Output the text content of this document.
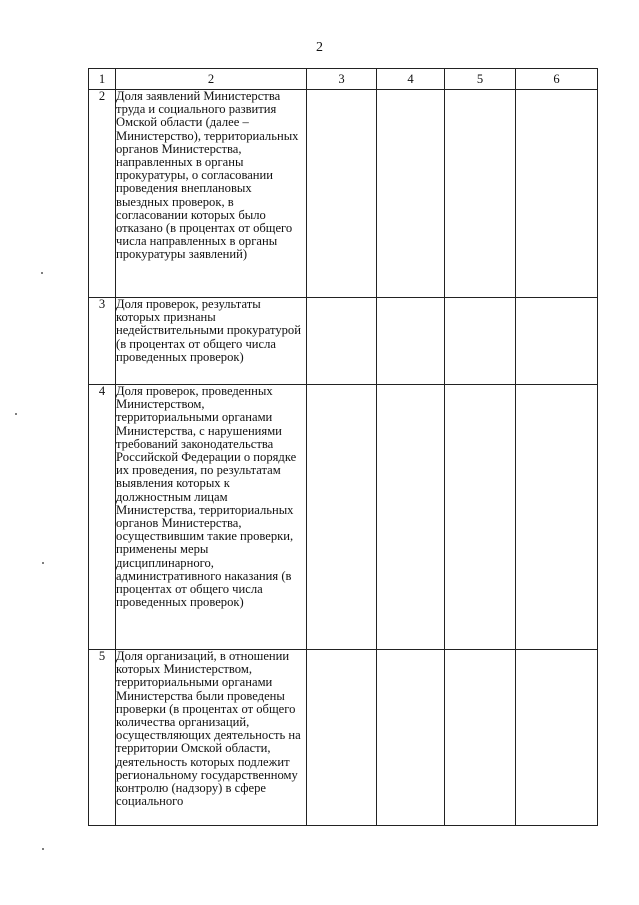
2
1	2	3	4	5	6
2	Доля заявлений Министерства труда и социального развития Омской области (далее – Министерство), территориальных органов Министерства, направленных в органы прокуратуры, о согласовании проведения внеплановых выездных проверок, в согласовании которых было отказано (в процентах от общего числа направленных в органы прокуратуры заявлений)				
3	Доля проверок, результаты которых признаны недействительными прокуратурой (в процентах от общего числа проведенных проверок)				
4	Доля проверок, проведенных Министерством, территориальными органами Министерства, с нарушениями требований законодательства Российской Федерации о порядке их проведения, по результатам выявления которых к должностным лицам Министерства, территориальных органов Министерства, осуществившим такие проверки, применены меры дисциплинарного, административного наказания (в процентах от общего числа проведенных проверок)				
5	Доля организаций, в отношении которых Министерством, территориальными органами Министерства были проведены проверки (в процентах от общего количества организаций, осуществляющих деятельность на территории Омской области, деятельность которых подлежит региональному государственному контролю (надзору) в сфере социального				
